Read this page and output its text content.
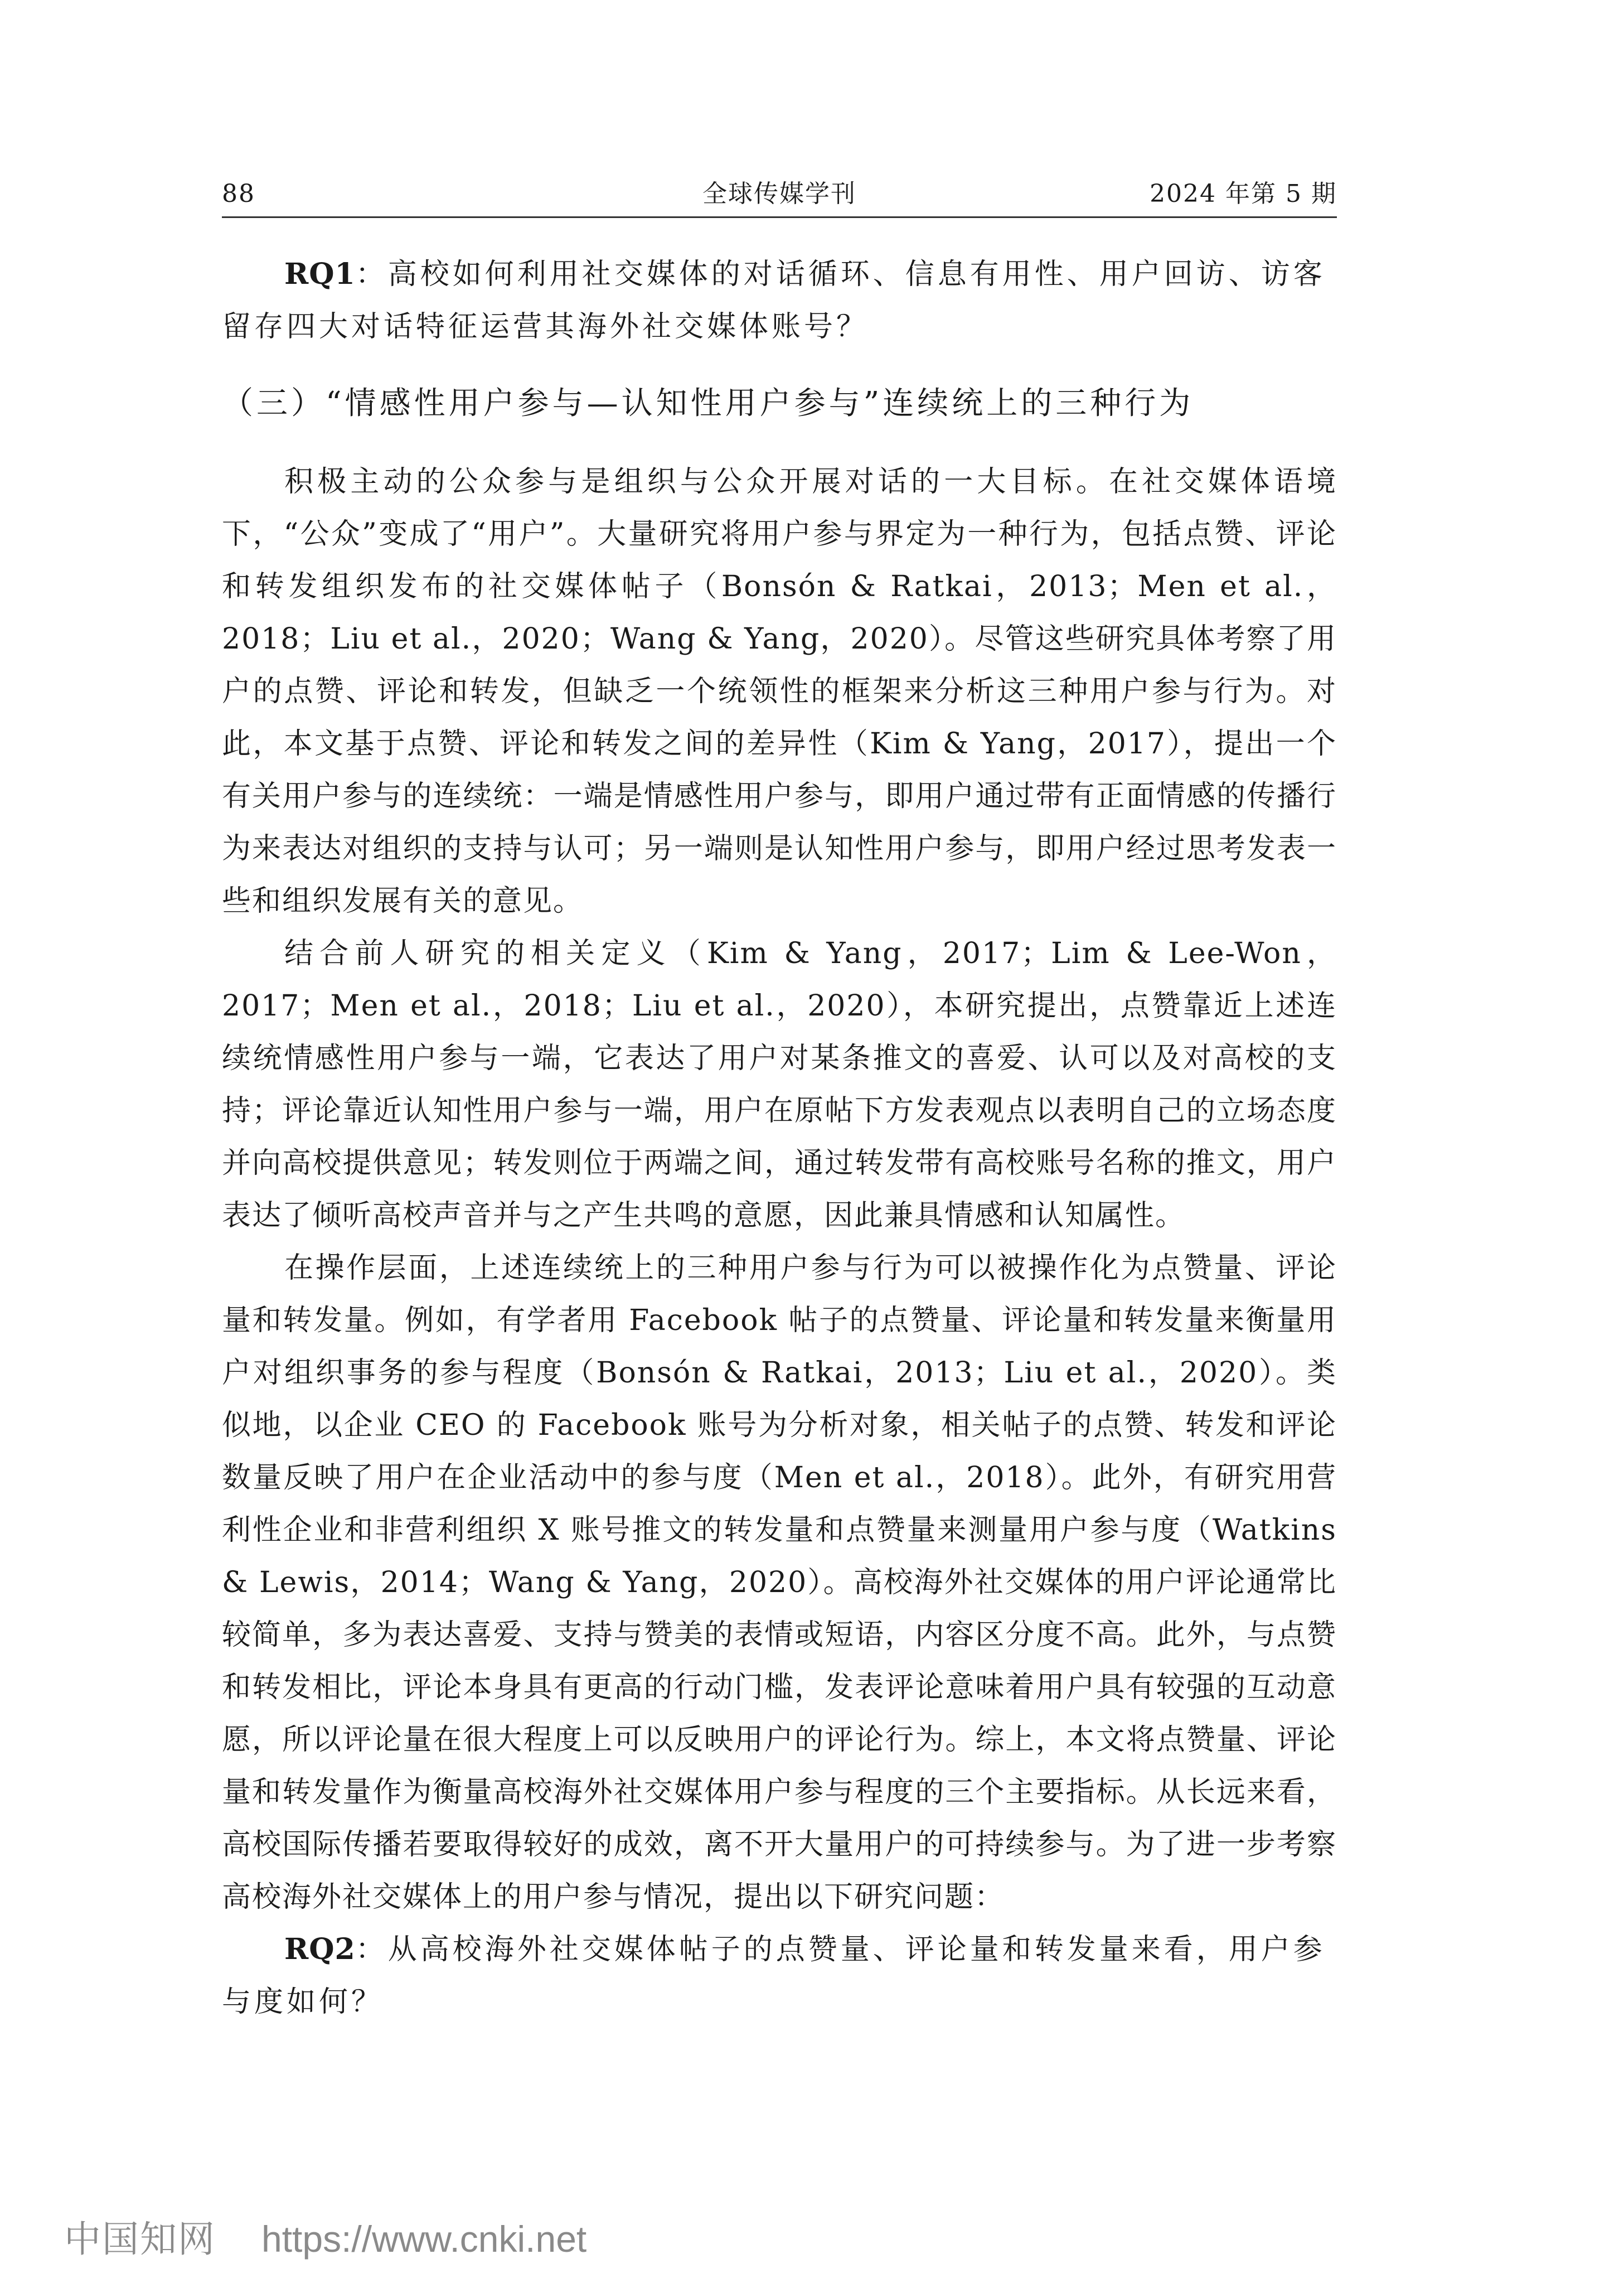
全球传媒学刊
88	2024 年第 5 期

RQ1：高校如何利用社交媒体的对话循环、信息有用性、用户回访、访客留存四大对话特征运营其海外社交媒体账号？

（三）“情感性用户参与—认知性用户参与”连续统上的三种行为

积极主动的公众参与是组织与公众开展对话的一大目标。在社交媒体语境下，“公众”变成了“用户”。大量研究将用户参与界定为一种行为，包括点赞、评论和转发组织发布的社交媒体帖子（Bonsón & Ratkai，2013；Men et al.，2018；Liu et al.，2020；Wang & Yang，2020）。尽管这些研究具体考察了用户的点赞、评论和转发，但缺乏一个统领性的框架来分析这三种用户参与行为。对此，本文基于点赞、评论和转发之间的差异性（Kim & Yang，2017），提出一个有关用户参与的连续统：一端是情感性用户参与，即用户通过带有正面情感的传播行为来表达对组织的支持与认可；另一端则是认知性用户参与，即用户经过思考发表一些和组织发展有关的意见。

结合前人研究的相关定义（Kim & Yang，2017；Lim & Lee-Won，2017；Men et al.，2018；Liu et al.，2020），本研究提出，点赞靠近上述连续统情感性用户参与一端，它表达了用户对某条推文的喜爱、认可以及对高校的支持；评论靠近认知性用户参与一端，用户在原帖下方发表观点以表明自己的立场态度并向高校提供意见；转发则位于两端之间，通过转发带有高校账号名称的推文，用户表达了倾听高校声音并与之产生共鸣的意愿，因此兼具情感和认知属性。

在操作层面，上述连续统上的三种用户参与行为可以被操作化为点赞量、评论量和转发量。例如，有学者用 Facebook 帖子的点赞量、评论量和转发量来衡量用户对组织事务的参与程度（Bonsón & Ratkai，2013；Liu et al.，2020）。类似地，以企业 CEO 的 Facebook 账号为分析对象，相关帖子的点赞、转发和评论数量反映了用户在企业活动中的参与度（Men et al.，2018）。此外，有研究用营利性企业和非营利组织 X 账号推文的转发量和点赞量来测量用户参与度（Watkins & Lewis，2014；Wang & Yang，2020）。高校海外社交媒体的用户评论通常比较简单，多为表达喜爱、支持与赞美的表情或短语，内容区分度不高。此外，与点赞和转发相比，评论本身具有更高的行动门槛，发表评论意味着用户具有较强的互动意愿，所以评论量在很大程度上可以反映用户的评论行为。综上，本文将点赞量、评论量和转发量作为衡量高校海外社交媒体用户参与程度的三个主要指标。从长远来看，高校国际传播若要取得较好的成效，离不开大量用户的可持续参与。为了进一步考察高校海外社交媒体上的用户参与情况，提出以下研究问题：

RQ2：从高校海外社交媒体帖子的点赞量、评论量和转发量来看，用户参与度如何？

中国知网 https://www.cnki.net
